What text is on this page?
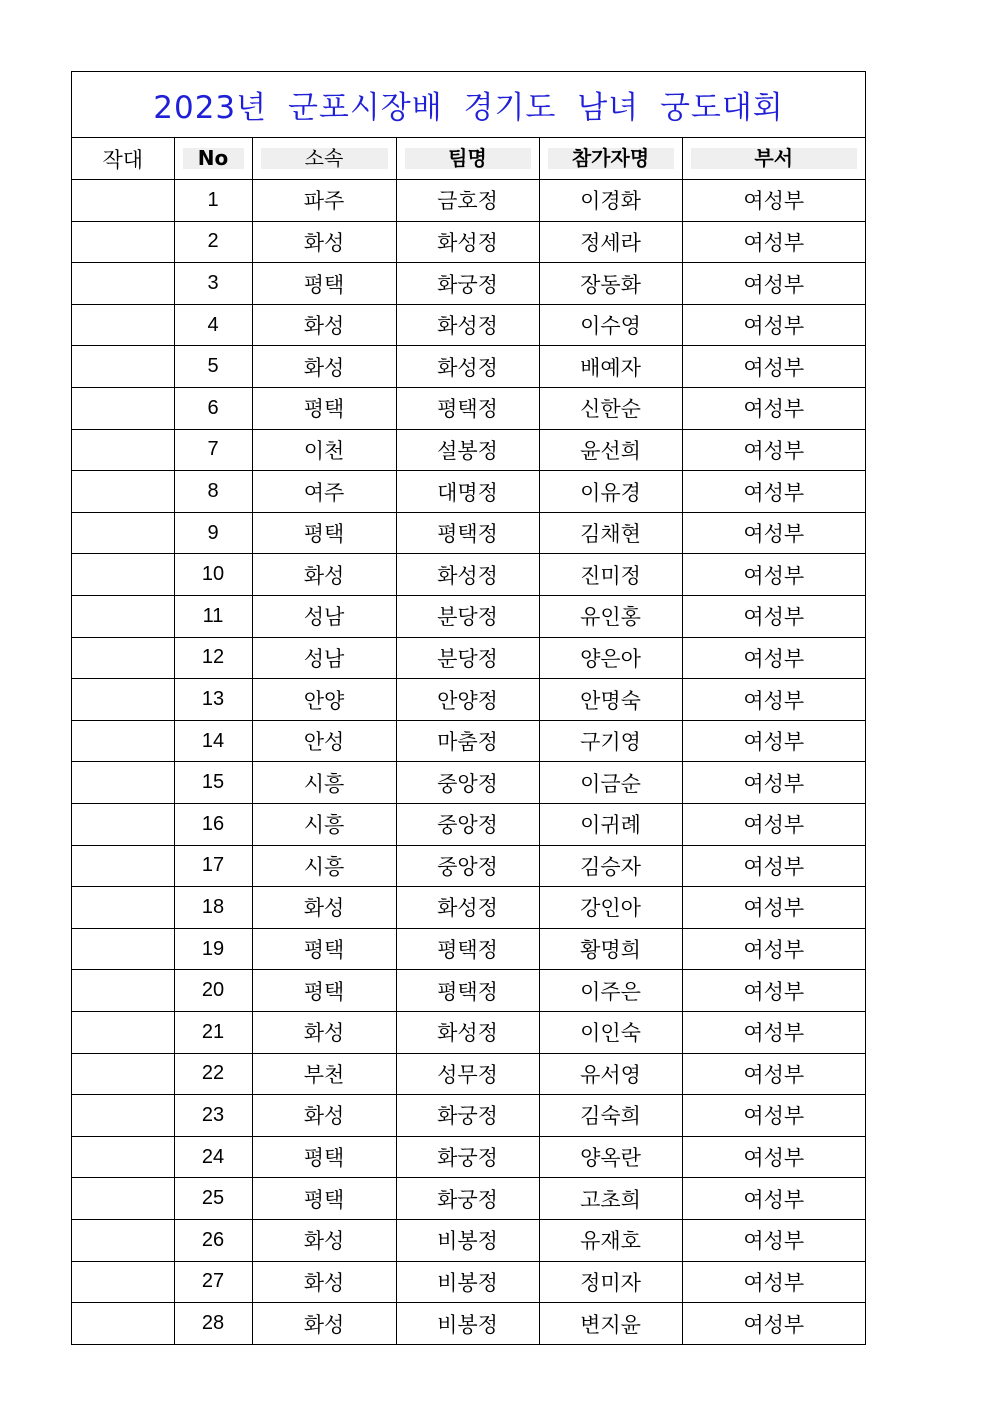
2023년 군포시장배 경기도 남녀 궁도대회
작대	No	소속	팀명	참가자명	부서

	1	파주	금호정	이경화	여성부
	2	화성	화성정	정세라	여성부
	3	평택	화궁정	장동화	여성부
	4	화성	화성정	이수영	여성부
	5	화성	화성정	배예자	여성부
	6	평택	평택정	신한순	여성부
	7	이천	설봉정	윤선희	여성부
	8	여주	대명정	이유경	여성부
	9	평택	평택정	김채현	여성부
	10	화성	화성정	진미정	여성부
	11	성남	분당정	유인홍	여성부
	12	성남	분당정	양은아	여성부
	13	안양	안양정	안명숙	여성부
	14	안성	마춤정	구기영	여성부
	15	시흥	중앙정	이금순	여성부
	16	시흥	중앙정	이귀례	여성부
	17	시흥	중앙정	김승자	여성부
	18	화성	화성정	강인아	여성부
	19	평택	평택정	황명희	여성부
	20	평택	평택정	이주은	여성부
	21	화성	화성정	이인숙	여성부
	22	부천	성무정	유서영	여성부
	23	화성	화궁정	김숙희	여성부
	24	평택	화궁정	양옥란	여성부
	25	평택	화궁정	고초희	여성부
	26	화성	비봉정	유재호	여성부
	27	화성	비봉정	정미자	여성부
	28	화성	비봉정	변지윤	여성부
